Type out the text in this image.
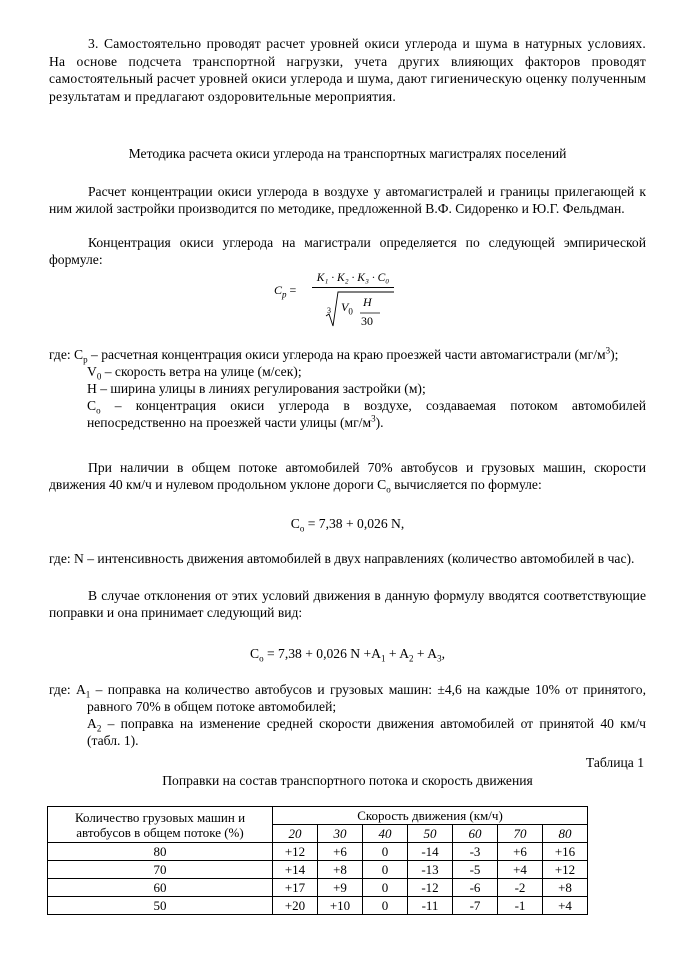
3. Самостоятельно проводят расчет уровней окиси углерода и шума в натурных условиях. На основе подсчета транспортной нагрузки, учета других влияющих факторов проводят самостоятельный расчет уровней окиси углерода и шума, дают гигиеническую оценку полученным результатам и предлагают оздоровительные мероприятия.
Методика расчета окиси углерода на транспортных магистралях поселений
Расчет концентрации окиси углерода в воздухе у автомагистралей и границы прилегающей к ним жилой застройки производится по методике, предложенной В.Ф. Сидоренко и Ю.Г. Фельдман.
Концентрация окиси углерода на магистрали определяется по следующей эмпирической формуле:
$C_p$ =
K₁ · K₂ · K₃ · C₀
3 $V_0$
H
30
где: $C_р$ – расчетная концентрация окиси углерода на краю проезжей части автомагистрали $(мг/м^3)$;
$V_0$ – скорость ветра на улице (м/сек);
H – ширина улицы в линиях регулирования застройки (м);
$C_о$ – концентрация окиси углерода в воздухе, создаваемая потоком автомобилей непосредственно на проезжей части улицы $(мг/м^3)$.
При наличии в общем потоке автомобилей 70% автобусов и грузовых машин, скорости движения 40 км/ч и нулевом продольном уклоне дороги $C_о$ вычисляется по формуле:
$C_о = 7,38 + 0,026$ N,
где: N – интенсивность движения автомобилей в двух направлениях (количество автомобилей в час).
В случае отклонения от этих условий движения в данную формулу вводятся соответствующие поправки и она принимает следующий вид:
$C_о = 7,38 + 0,026$ $N +A_1 + A_2 + A_3$,
где: $A_1$ – поправка на количество автобусов и грузовых машин: ±4,6 на каждые 10% от принятого, равного 70% в общем потоке автомобилей;
$A_2$ – поправка на изменение средней скорости движения автомобилей от принятой 40 км/ч (табл. 1).
Таблица 1
Поправки на состав транспортного потока и скорость движения
Количество грузовых машин и
автобусов в общем потоке (%)	Скорость движения (км/ч)						
	20	30	40	50	60	70	80
80	+12	+6	0	-14	-3	+6	+16
70	+14	+8	0	-13	-5	+4	+12
60	+17	+9	0	-12	-6	-2	+8
50	+20	+10	0	-11	-7	-1	+4
